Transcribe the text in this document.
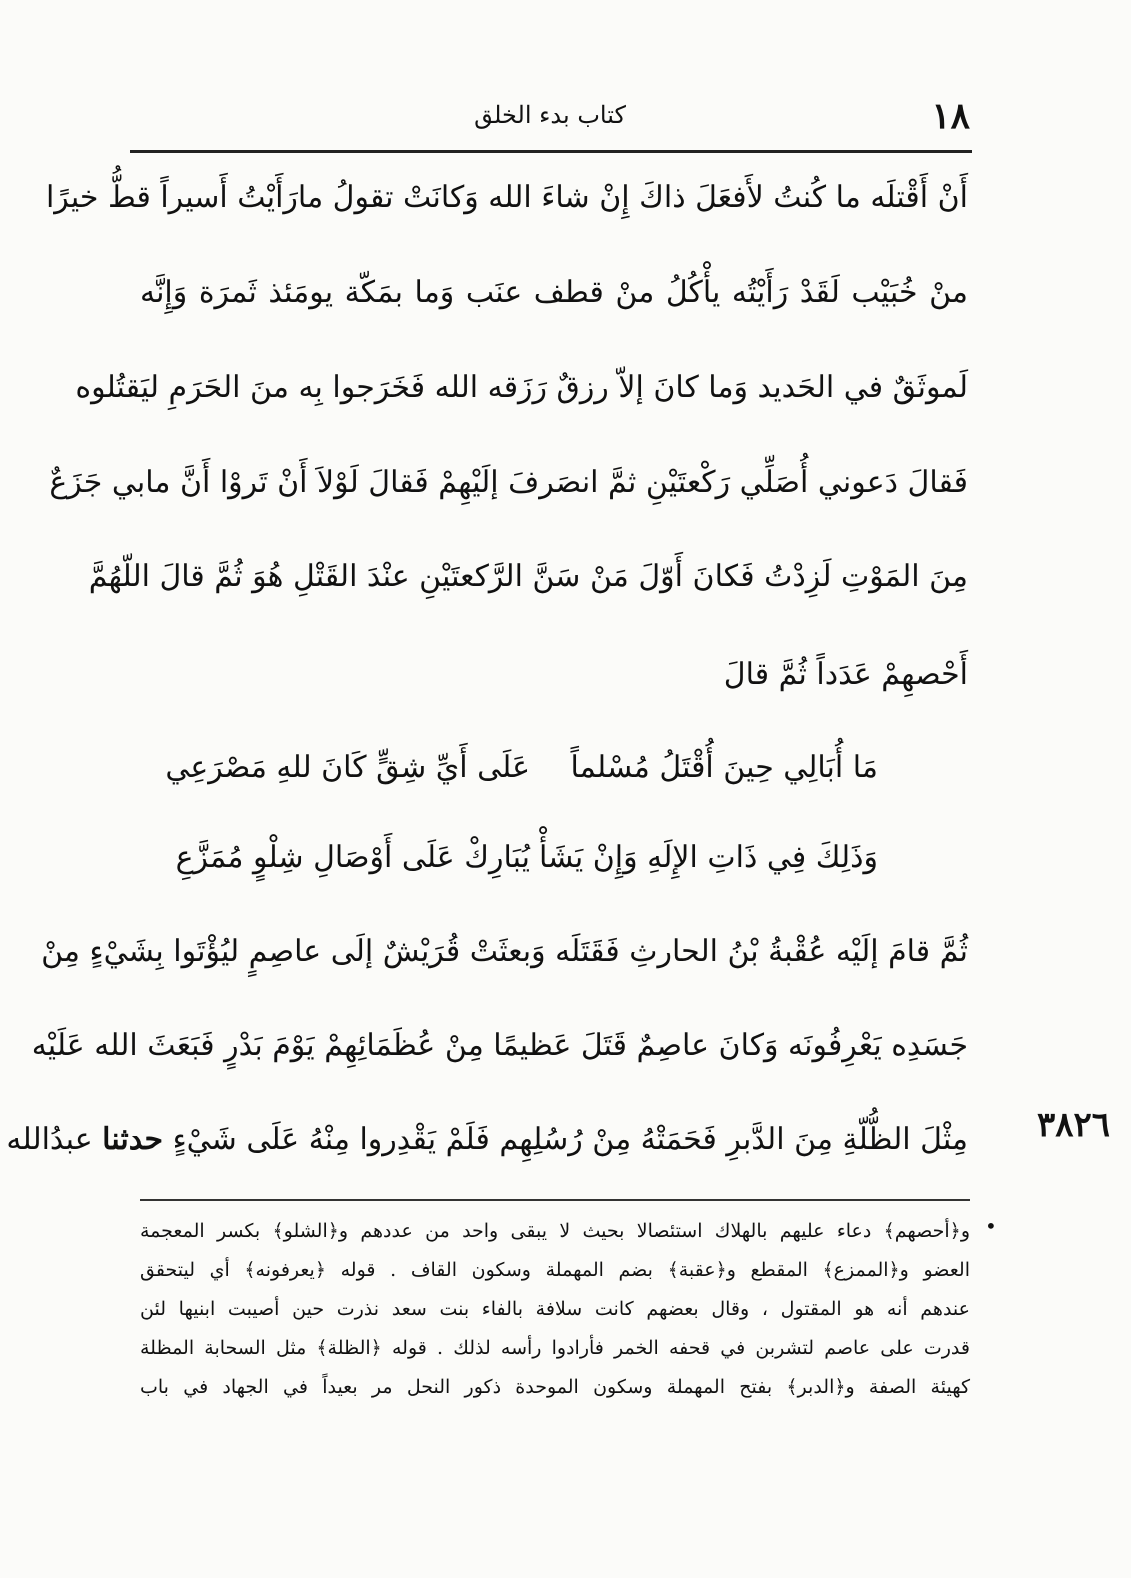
١٨
كتاب بدء الخلق
أَنْ أَقْتلَه ما كُنتُ لأَفعَلَ ذاكَ إِنْ شاءَ الله وَكانَتْ تقولُ مارَأَيْتُ أَسيراً قطُّ خيرًا
منْ خُبَيْب لَقَدْ رَأَيْتُه يأْكُلُ منْ قطف عنَب وَما بمَكّة يومَئذ ثَمرَة وَإِنَّه
لَموثَقٌ في الحَديد وَما كانَ إلاّ رزقٌ رَزَقه الله فَخَرَجوا بِه منَ الحَرَمِ ليَقتُلوه
فَقالَ دَعوني أُصَلِّي رَكْعتَيْنِ ثمَّ انصَرفَ إلَيْهِمْ فَقالَ لَوْلاَ أَنْ تَروْا أَنَّ مابي جَزَعٌ
مِنَ المَوْتِ لَزِدْتُ فَكانَ أَوّلَ مَنْ سَنَّ الرَّكعتَيْنِ عنْدَ القَتْلِ هُوَ ثُمَّ قالَ اللّهُمَّ
أَحْصهِمْ عَدَداً ثُمَّ قالَ
مَا أُبَالِي حِينَ أُقْتَلُ مُسْلماً
عَلَى أَيِّ شِقٍّ كَانَ للهِ مَصْرَعِي
وَذَلِكَ فِي ذَاتِ الإِلَهِ وَإِنْ يَشَأْ
يُبَارِكْ عَلَى أَوْصَالِ شِلْوٍ مُمَزَّعِ
ثُمَّ قامَ إلَيْه عُقْبةُ بْنُ الحارثِ فَقَتَلَه وَبعثَتْ قُرَيْشٌ إلَى عاصِمٍ ليُؤْتَوا بِشَيْءٍ مِنْ
جَسَدِه يَعْرِفُونَه وَكانَ عاصِمٌ قَتَلَ عَظيمًا مِنْ عُظَمَائِهِمْ يَوْمَ بَدْرٍ فَبَعَثَ الله عَلَيْه
مِثْلَ الظُّلّةِ مِنَ الدَّبرِ فَحَمَتْهُ مِنْ رُسُلِهِم فَلَمْ يَقْدِروا مِنْهُ عَلَى شَيْءٍ حدثنا عبدُالله	٣٨٢٦
•
و﴿أحصهم﴾ دعاء عليهم بالهلاك استئصالا بحيث لا يبقى واحد من عددهم و﴿الشلو﴾ بكسر المعجمة
العضو و﴿الممزع﴾ المقطع و﴿عقبة﴾ بضم المهملة وسكون القاف . قوله ﴿يعرفونه﴾ أي ليتحقق
عندهم أنه هو المقتول ، وقال بعضهم كانت سلافة بالفاء بنت سعد نذرت حين أصيبت ابنيها لئن
قدرت على عاصم لتشربن في قحفه الخمر فأرادوا رأسه لذلك . قوله ﴿الظلة﴾ مثل السحابة المظلة
كهيئة الصفة و﴿الدبر﴾ بفتح المهملة وسكون الموحدة ذكور النحل مر بعيداً في الجهاد في باب
